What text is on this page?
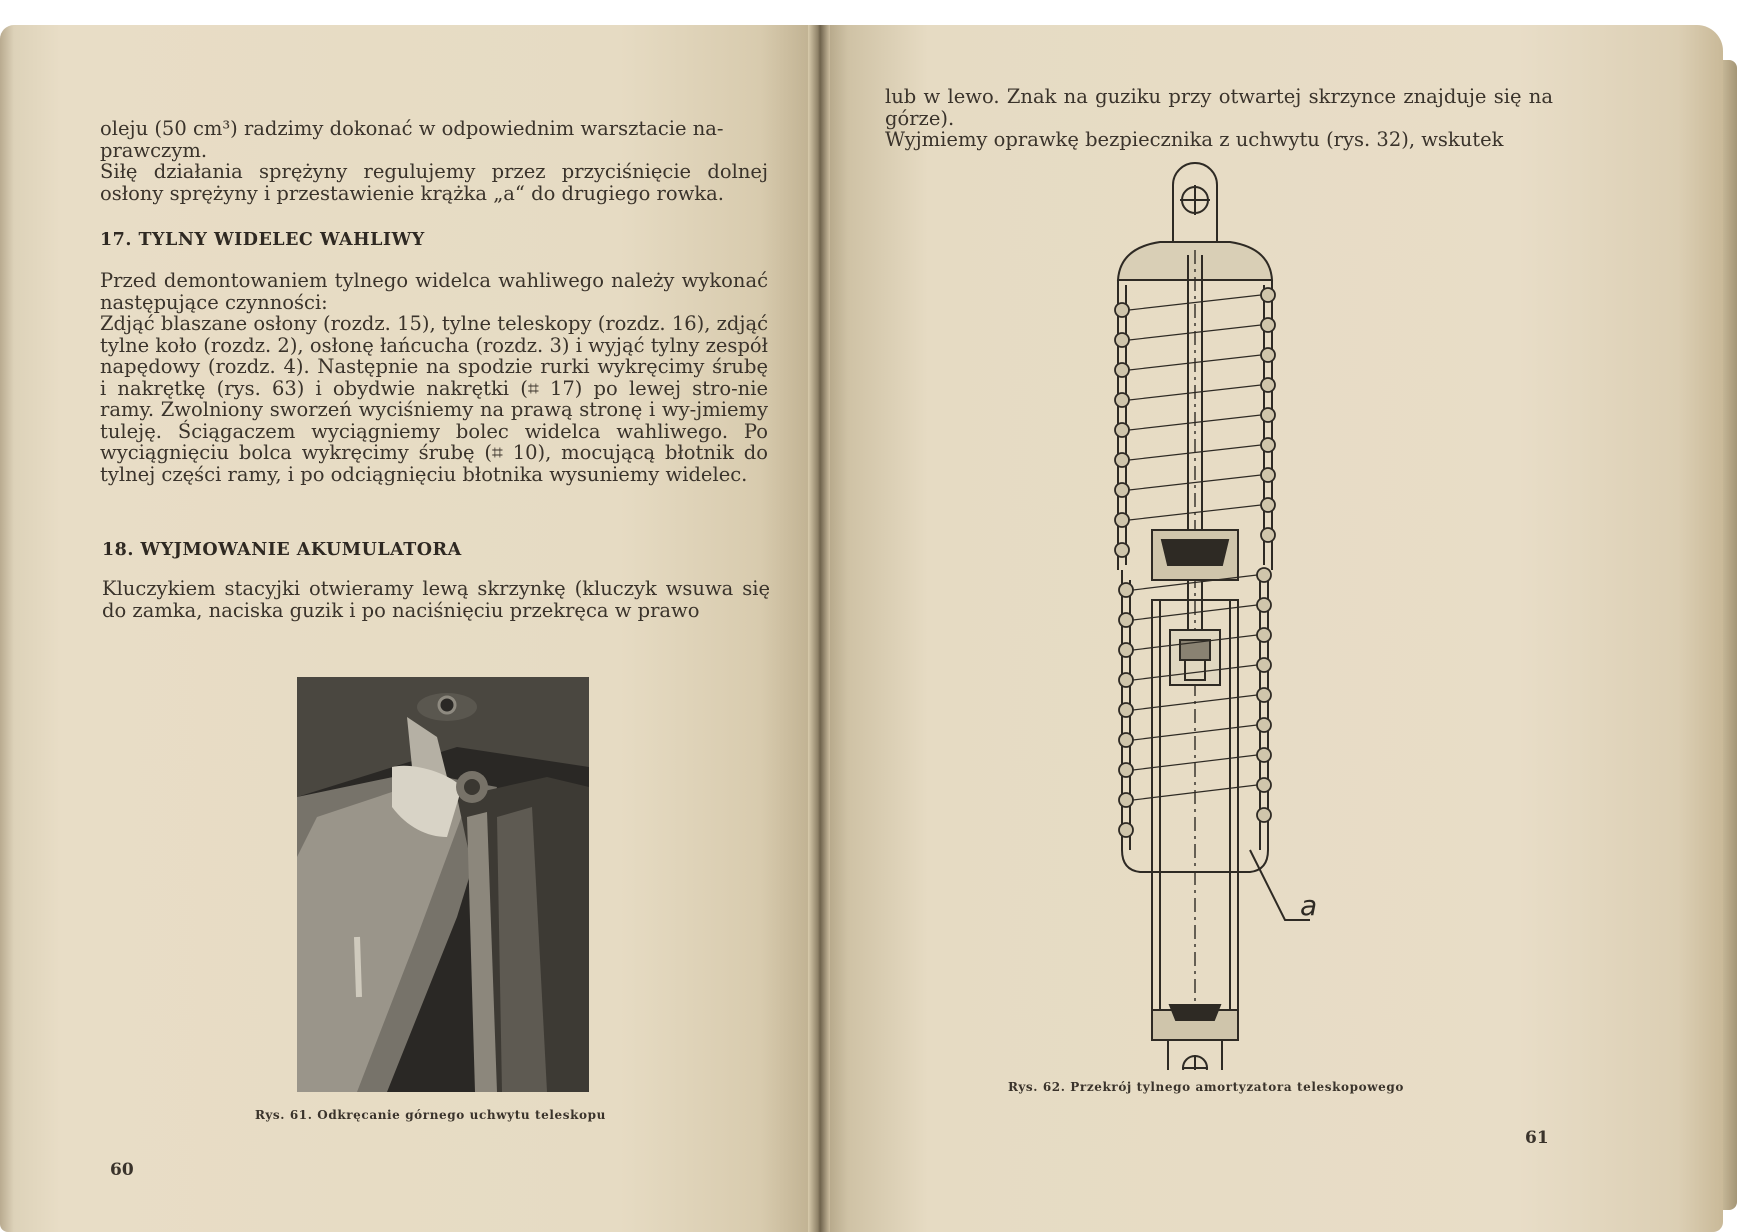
oleju (50 cm³) radzimy dokonać w odpowiednim warsztacie na-

prawczym.

Siłę działania sprężyny regulujemy przez przyciśnięcie dolnej osłony sprężyny i przestawienie krążka „a“ do drugiego rowka.

17. TYLNY WIDELEC WAHLIWY

Przed demontowaniem tylnego widelca wahliwego należy wykonać następujące czynności:

Zdjąć blaszane osłony (rozdz. 15), tylne teleskopy (rozdz. 16), zdjąć tylne koło (rozdz. 2), osłonę łańcucha (rozdz. 3) i wyjąć tylny zespół napędowy (rozdz. 4). Następnie na spodzie rurki wykręcimy śrubę i nakrętkę (rys. 63) i obydwie nakrętki (⌗ 17) po lewej stro-nie ramy. Zwolniony sworzeń wyciśniemy na prawą stronę i wy-jmiemy tuleję. Ściągaczem wyciągniemy bolec widelca wahliwego. Po wyciągnięciu bolca wykręcimy śrubę (⌗ 10), mocującą błotnik do tylnej części ramy, i po odciągnięciu błotnika wysuniemy widelec.

18. WYJMOWANIE AKUMULATORA

Kluczykiem stacyjki otwieramy lewą skrzynkę (kluczyk wsuwa się do zamka, naciska guzik i po naciśnięciu przekręca w prawo

Rys. 61. Odkręcanie górnego uchwytu teleskopu
60

lub w lewo. Znak na guziku przy otwartej skrzynce znajduje się na górze).

Wyjmiemy oprawkę bezpiecznika z uchwytu (rys. 32), wskutek

a
Rys. 62. Przekrój tylnego amortyzatora teleskopowego
61
